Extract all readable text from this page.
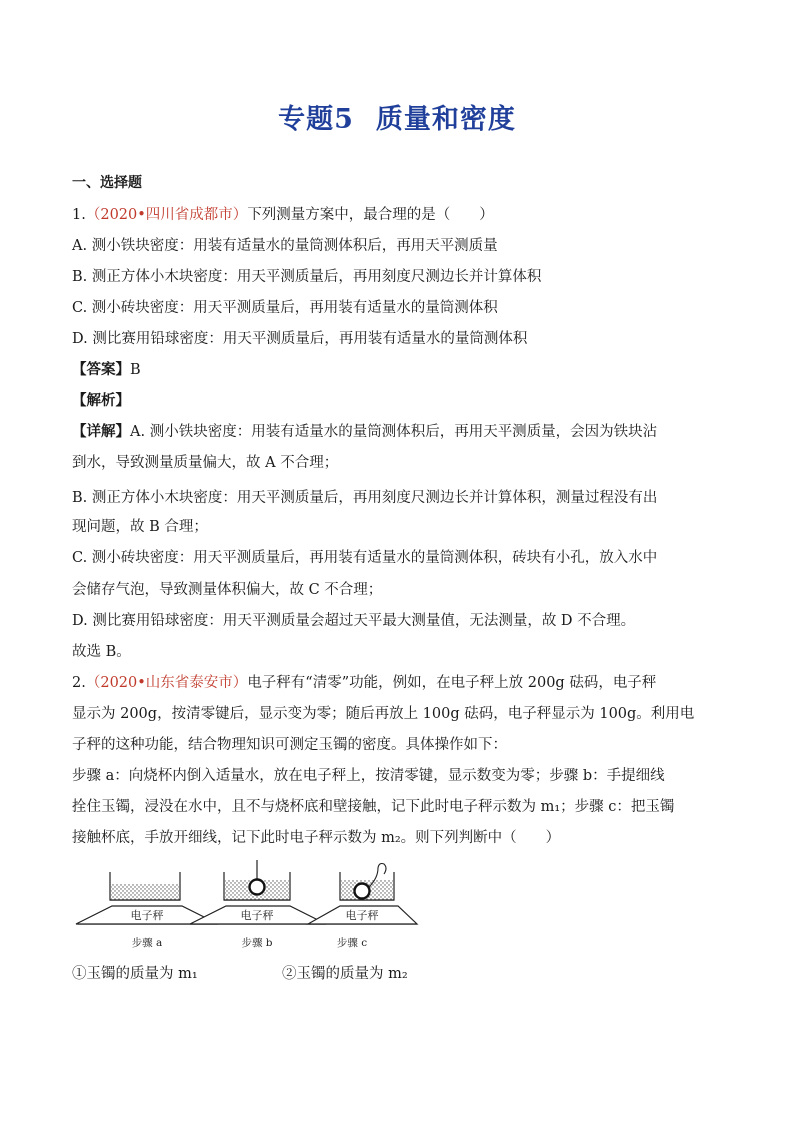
专题5 质量和密度
一、选择题
1.（2020•四川省成都市）下列测量方案中，最合理的是（　　）
A. 测小铁块密度：用装有适量水的量筒测体积后，再用天平测质量
B. 测正方体小木块密度：用天平测质量后，再用刻度尺测边长并计算体积
C. 测小砖块密度：用天平测质量后，再用装有适量水的量筒测体积
D. 测比赛用铅球密度：用天平测质量后，再用装有适量水的量筒测体积
【答案】B
【解析】
【详解】A. 测小铁块密度：用装有适量水的量筒测体积后，再用天平测质量，会因为铁块沾
到水，导致测量质量偏大，故 A 不合理；
B. 测正方体小木块密度：用天平测质量后，再用刻度尺测边长并计算体积，测量过程没有出
现问题，故 B 合理；
C. 测小砖块密度：用天平测质量后，再用装有适量水的量筒测体积，砖块有小孔，放入水中
会储存气泡，导致测量体积偏大，故 C 不合理；
D. 测比赛用铅球密度：用天平测质量会超过天平最大测量值，无法测量，故 D 不合理。
故选 B。
2.（2020•山东省泰安市）电子秤有“清零”功能，例如，在电子秤上放 200g 砝码，电子秤
显示为 200g，按清零键后，显示变为零；随后再放上 100g 砝码，电子秤显示为 100g。利用电
子秤的这种功能，结合物理知识可测定玉镯的密度。具体操作如下：
步骤 a：向烧杯内倒入适量水，放在电子秤上，按清零键，显示数变为零；步骤 b：手提细线
拴住玉镯，浸没在水中，且不与烧杯底和壁接触，记下此时电子秤示数为 m₁；步骤 c：把玉镯
接触杯底，手放开细线，记下此时电子秤示数为 m₂。则下列判断中（　　）
电子秤
步骤 a
电子秤
步骤 b
电子秤
步骤 c
①玉镯的质量为 m₁	②玉镯的质量为 m₂
